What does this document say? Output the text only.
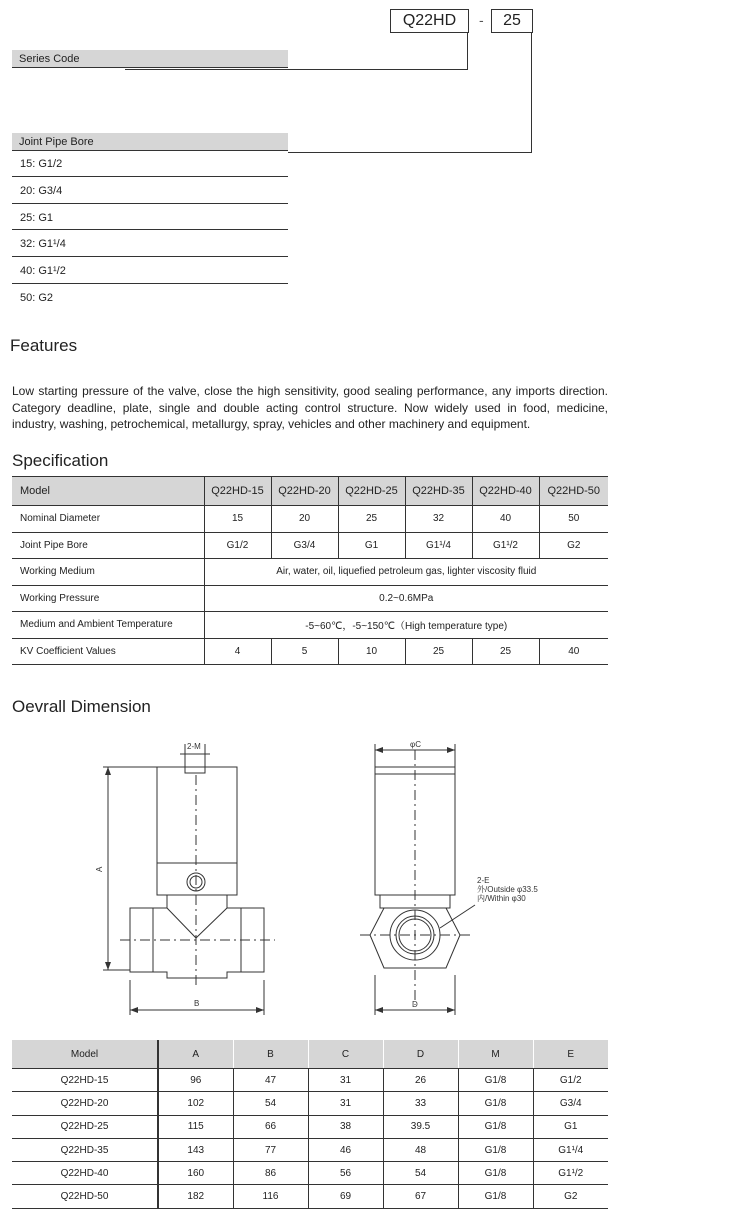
Q22HD	-	25
Series Code
Joint Pipe Bore
15: G1/2
20: G3/4
25: G1
32: G1¹/4
40: G1¹/2
50: G2
Features
Low starting pressure of the valve, close the high sensitivity, good sealing performance, any imports direction. Category deadline, plate, single and double acting control structure. Now widely used in food, medicine, industry, washing, petrochemical, metallurgy, spray, vehicles and other machinery and equipment.
Specification
Model	Q22HD-15	Q22HD-20	Q22HD-25	Q22HD-35	Q22HD-40	Q22HD-50
Nominal Diameter	15	20	25	32	40	50
Joint Pipe Bore	G1/2	G3/4	G1	G1¹/4	G1¹/2	G2
Working Medium	Air, water, oil, liquefied petroleum gas, lighter viscosity fluid					
Working Pressure	0.2~0.6MPa					
Medium and Ambient Temperature	-5~60℃，-5~150℃（High temperature type)					
KV Coefficient Values	4	5	10	25	25	40
Oevrall Dimension
2-M
A
B
φC
D
2-E
外/Outside φ33.5
内/Within φ30
Model	A	B	C	D	M	E
Q22HD-15	96	47	31	26	G1/8	G1/2
Q22HD-20	102	54	31	33	G1/8	G3/4
Q22HD-25	115	66	38	39.5	G1/8	G1
Q22HD-35	143	77	46	48	G1/8	G1¹/4
Q22HD-40	160	86	56	54	G1/8	G1¹/2
Q22HD-50	182	116	69	67	G1/8	G2
